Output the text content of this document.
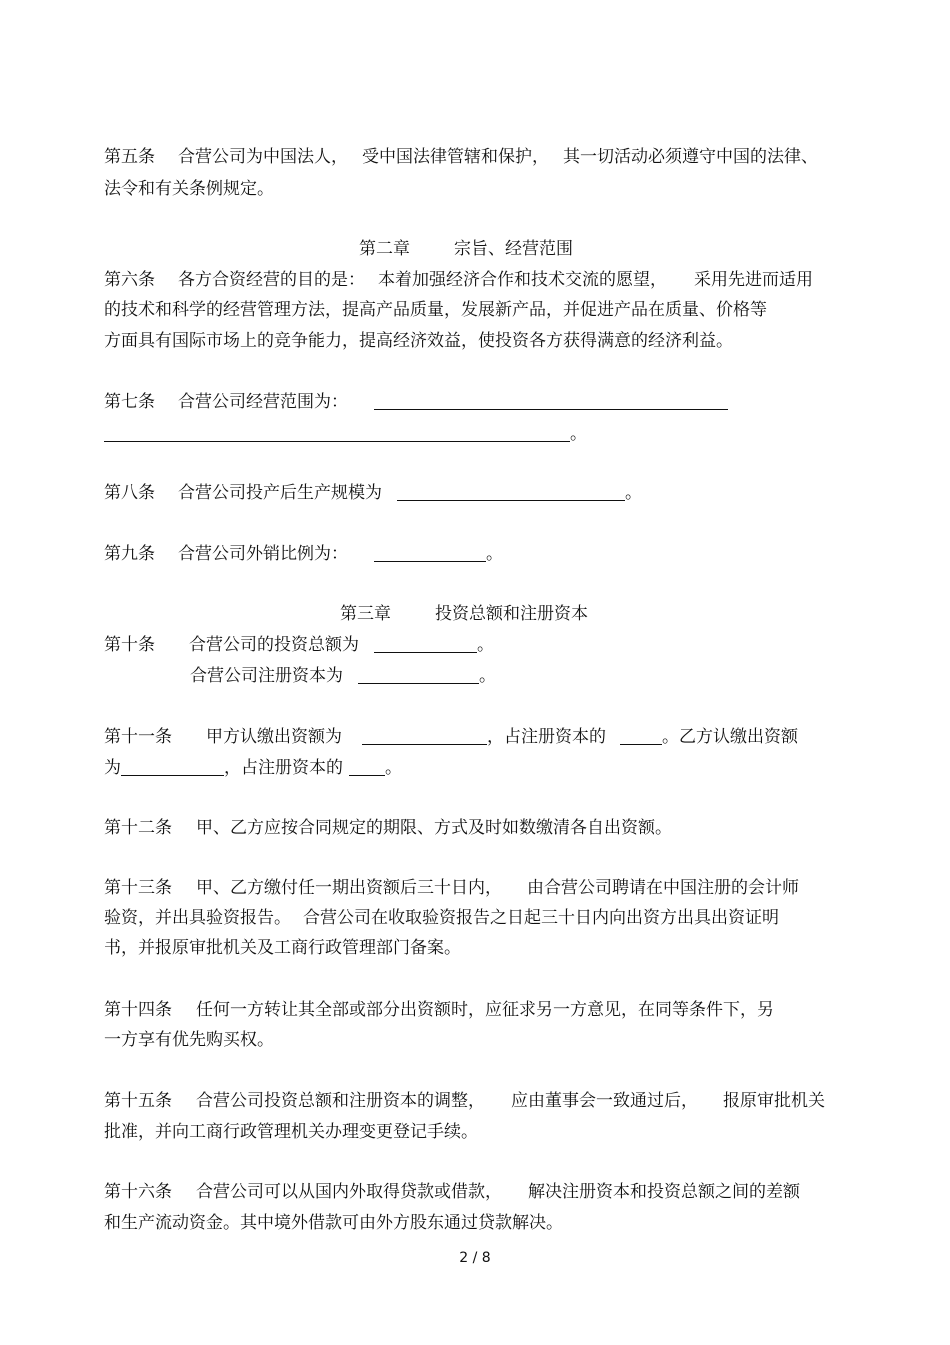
第五条 合营公司为中国法人， 受中国法律管辖和保护， 其一切活动必须遵守中国的法律、
法令和有关条例规定。
第二章	宗旨、经营范围
第六条 各方合资经营的目的是： 本着加强经济合作和技术交流的愿望， 采用先进而适用
的技术和科学的经营管理方法，提高产品质量，发展新产品，并促进产品在质量、价格等
方面具有国际市场上的竞争能力，提高经济效益，使投资各方获得满意的经济利益。
第七条 合营公司经营范围为：
。
第八条 合营公司投产后生产规模为	。
第九条 合营公司外销比例为：	。
第三章	投资总额和注册资本
第十条 合营公司的投资总额为	。
合营公司注册资本为	。
第十一条 甲方认缴出资额为	，占注册资本的	。乙方认缴出资额
为	，占注册资本的 。
第十二条 甲、乙方应按合同规定的期限、方式及时如数缴清各自出资额。
第十三条 甲、乙方缴付任一期出资额后三十日内， 由合营公司聘请在中国注册的会计师
验资，并出具验资报告。 合营公司在收取验资报告之日起三十日内向出资方出具出资证明
书，并报原审批机关及工商行政管理部门备案。
第十四条 任何一方转让其全部或部分出资额时，应征求另一方意见，在同等条件下，另
一方享有优先购买权。
第十五条 合营公司投资总额和注册资本的调整， 应由董事会一致通过后， 报原审批机关
批准，并向工商行政管理机关办理变更登记手续。
第十六条 合营公司可以从国内外取得贷款或借款， 解决注册资本和投资总额之间的差额
和生产流动资金。其中境外借款可由外方股东通过贷款解决。
2 / 8
